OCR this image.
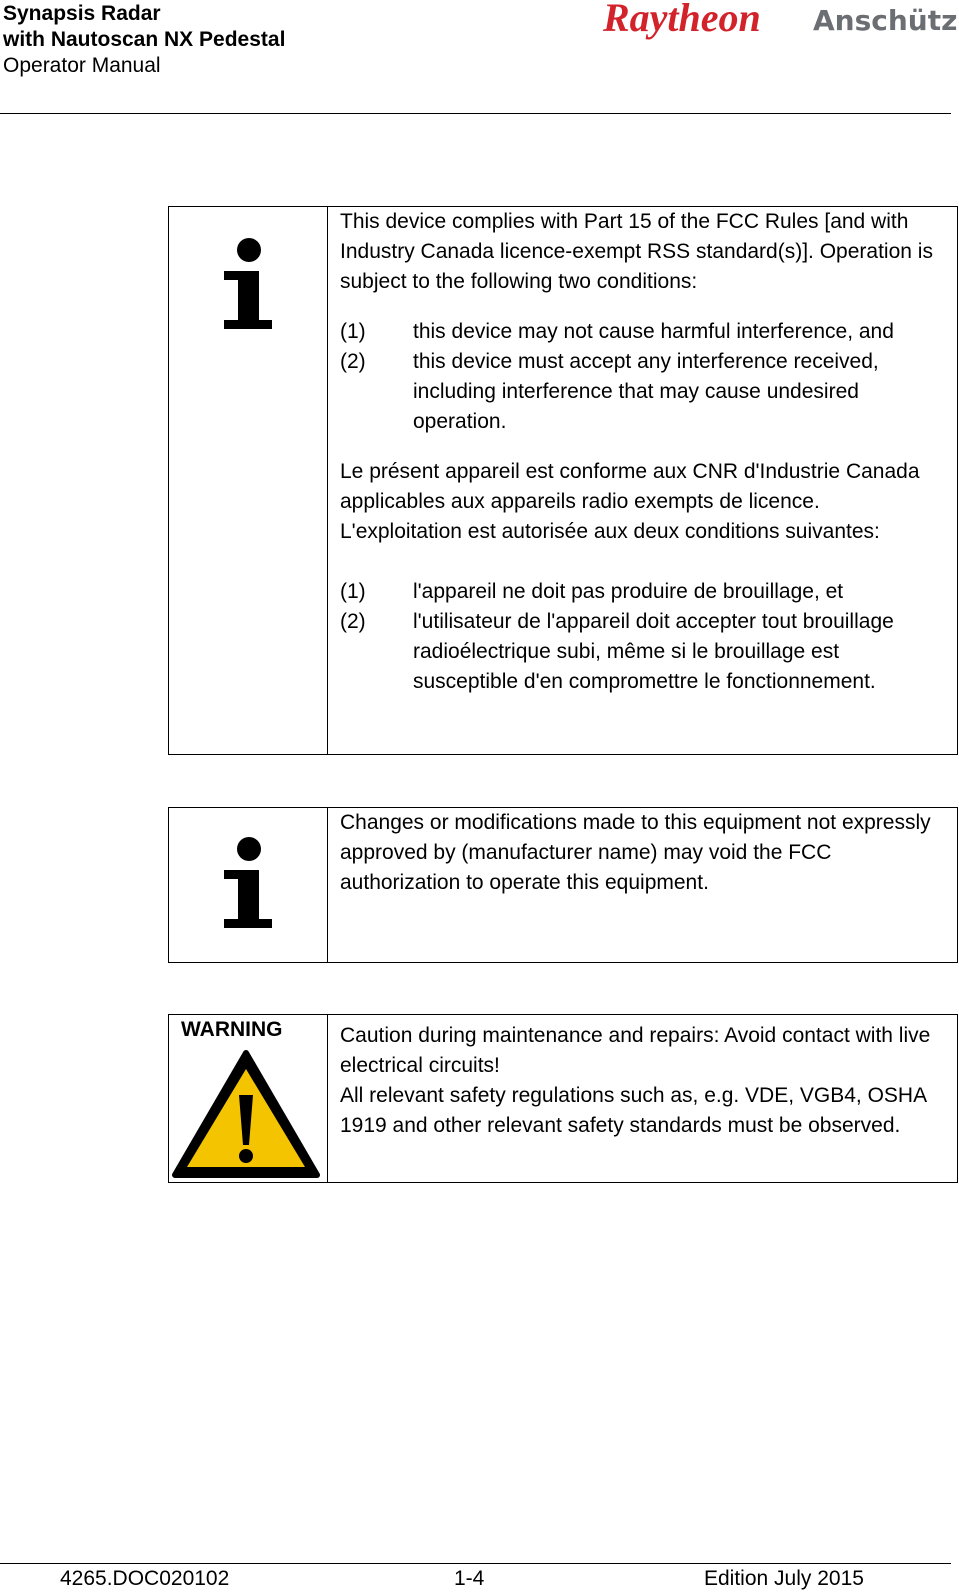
Synapsis Radar
with Nautoscan NX Pedestal
Operator Manual
Raytheon Anschütz

This device complies with Part 15 of the FCC Rules [and with Industry Canada licence-exempt RSS standard(s)]. Operation is subject to the following two conditions:

(1)	this device may not cause harmful interference, and
(2)	this device must accept any interference received, including interference that may cause undesired operation.

Le présent appareil est conforme aux CNR d'Industrie Canada applicables aux appareils radio exempts de licence. L'exploitation est autorisée aux deux conditions suivantes:

(1)	l'appareil ne doit pas produire de brouillage, et
(2)	l'utilisateur de l'appareil doit accepter tout brouillage radioélectrique subi, même si le brouillage est susceptible d'en compromettre le fonctionnement.

Changes or modifications made to this equipment not expressly approved by (manufacturer name) may void the FCC authorization to operate this equipment.

WARNING	Caution during maintenance and repairs: Avoid contact with live electrical circuits!

All relevant safety regulations such as, e.g. VDE, VGB4, OSHA 1919 and other relevant safety standards must be observed.

4265.DOC020102	1-4	Edition July 2015
